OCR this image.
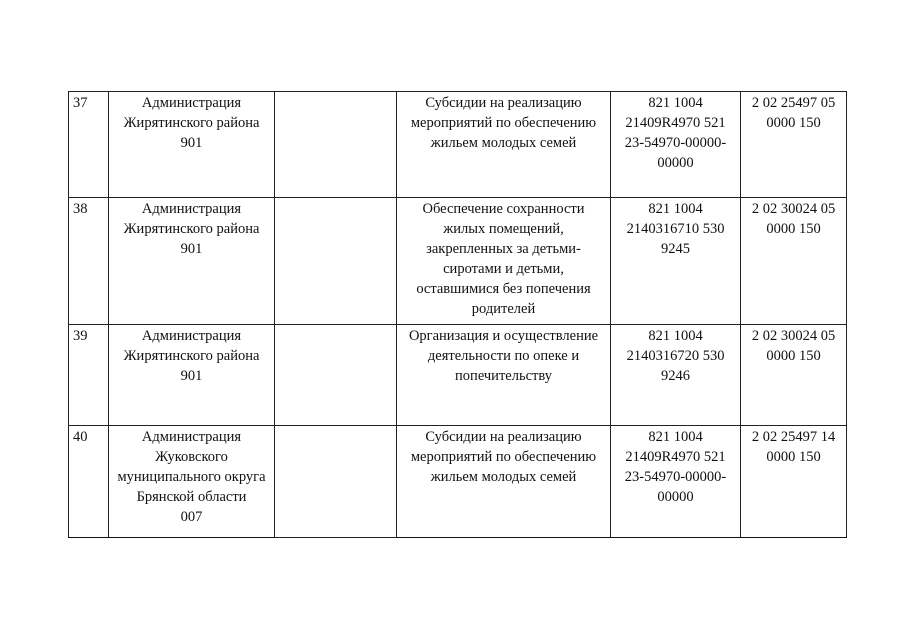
37	Администрация
Жирятинского района
901		Субсидии на реализацию мероприятий по обеспечению жильем молодых семей	821 1004
21409R4970 521
23-54970-00000-
00000	2 02 25497 05
0000 150

38	Администрация
Жирятинского района
901		Обеспечение сохранности жилых помещений, закрепленных за детьми-сиротами и детьми, оставшимися без попечения родителей	821 1004
2140316710 530
9245	2 02 30024 05
0000 150

39	Администрация
Жирятинского района
901		Организация и осуществление деятельности по опеке и попечительству	821 1004
2140316720 530
9246	2 02 30024 05
0000 150

40	Администрация
Жуковского
муниципального округа
Брянской области
007		Субсидии на реализацию мероприятий по обеспечению жильем молодых семей	821 1004
21409R4970 521
23-54970-00000-
00000	2 02 25497 14
0000 150
